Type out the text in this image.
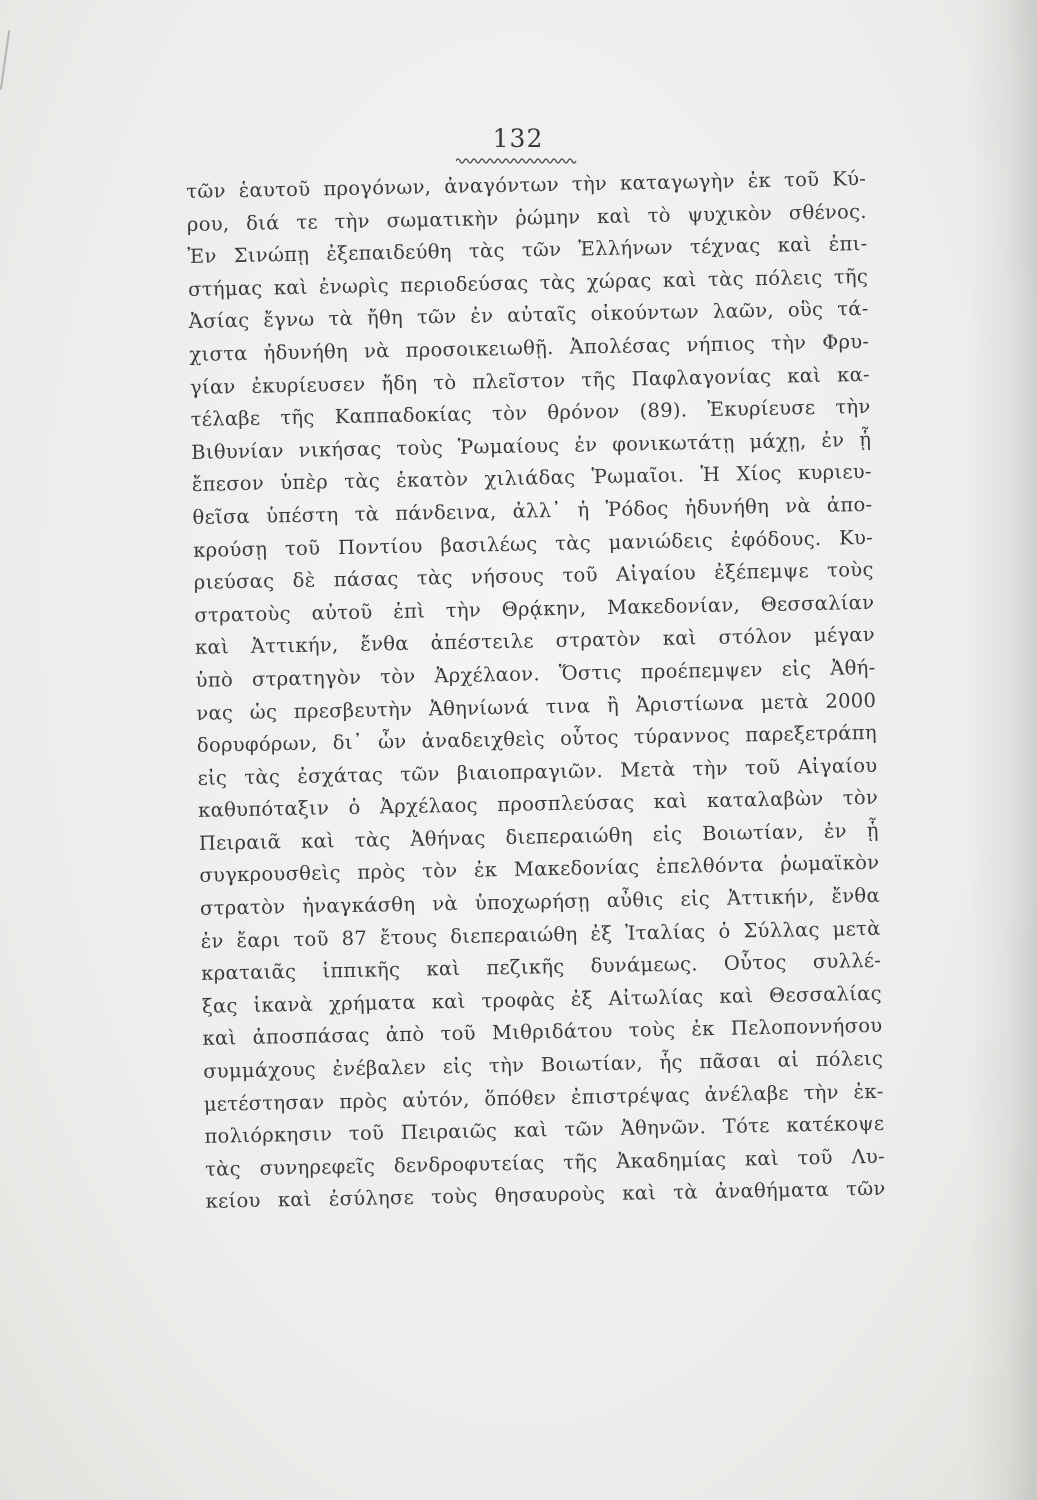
132
τῶν ἑαυτοῦ προγόνων, ἀναγόντων τὴν καταγωγὴν ἐκ τοῦ Κύ-
ρου, διά τε τὴν σωματικὴν ῥώμην καὶ τὸ ψυχικὸν σθένος.
Ἐν Σινώπῃ ἐξεπαιδεύθη τὰς τῶν Ἑλλήνων τέχνας καὶ ἐπι-
στήμας καὶ ἐνωρὶς περιοδεύσας τὰς χώρας καὶ τὰς πόλεις τῆς
Ἀσίας ἔγνω τὰ ἤθη τῶν ἐν αὐταῖς οἰκούντων λαῶν, οὓς τά-
χιστα ἠδυνήθη νὰ προσοικειωθῇ. Ἀπολέσας νήπιος τὴν Φρυ-
γίαν ἐκυρίευσεν ἤδη τὸ πλεῖστον τῆς Παφλαγονίας καὶ κα-
τέλαβε τῆς Καππαδοκίας τὸν θρόνον (89). Ἐκυρίευσε τὴν
Βιθυνίαν νικήσας τοὺς Ῥωμαίους ἐν φονικωτάτῃ μάχῃ, ἐν ᾗ
ἔπεσον ὑπὲρ τὰς ἑκατὸν χιλιάδας Ῥωμαῖοι. Ἡ Χίος κυριευ-
θεῖσα ὑπέστη τὰ πάνδεινα, ἀλλ᾽ ἡ Ῥόδος ἠδυνήθη νὰ ἀπο-
κρούσῃ τοῦ Ποντίου βασιλέως τὰς μανιώδεις ἐφόδους. Κυ-
ριεύσας δὲ πάσας τὰς νήσους τοῦ Αἰγαίου ἐξέπεμψε τοὺς
στρατοὺς αὐτοῦ ἐπὶ τὴν Θρᾴκην, Μακεδονίαν, Θεσσαλίαν
καὶ Ἀττικήν, ἔνθα ἀπέστειλε στρατὸν καὶ στόλον μέγαν
ὑπὸ στρατηγὸν τὸν Ἀρχέλαον. Ὅστις προέπεμψεν εἰς Ἀθή-
νας ὡς πρεσβευτὴν Ἀθηνίωνά τινα ἢ Ἀριστίωνα μετὰ 2000
δορυφόρων, δι᾽ ὧν ἀναδειχθεὶς οὗτος τύραννος παρεξετράπη
εἰς τὰς ἐσχάτας τῶν βιαιοπραγιῶν. Μετὰ τὴν τοῦ Αἰγαίου
καθυπόταξιν ὁ Ἀρχέλαος προσπλεύσας καὶ καταλαβὼν τὸν
Πειραιᾶ καὶ τὰς Ἀθήνας διεπεραιώθη εἰς Βοιωτίαν, ἐν ᾗ
συγκρουσθεὶς πρὸς τὸν ἐκ Μακεδονίας ἐπελθόντα ῥωμαϊκὸν
στρατὸν ἠναγκάσθη νὰ ὑποχωρήσῃ αὖθις εἰς Ἀττικήν, ἔνθα
ἐν ἔαρι τοῦ 87 ἔτους διεπεραιώθη ἐξ Ἰταλίας ὁ Σύλλας μετὰ
κραταιᾶς ἱππικῆς καὶ πεζικῆς δυνάμεως. Οὗτος συλλέ-
ξας ἱκανὰ χρήματα καὶ τροφὰς ἐξ Αἰτωλίας καὶ Θεσσαλίας
καὶ ἀποσπάσας ἀπὸ τοῦ Μιθριδάτου τοὺς ἐκ Πελοποννήσου
συμμάχους ἐνέβαλεν εἰς τὴν Βοιωτίαν, ἧς πᾶσαι αἱ πόλεις
μετέστησαν πρὸς αὐτόν, ὅπόθεν ἐπιστρέψας ἀνέλαβε τὴν ἐκ-
πολιόρκησιν τοῦ Πειραιῶς καὶ τῶν Ἀθηνῶν. Τότε κατέκοψε
τὰς συνηρεφεῖς δενδροφυτείας τῆς Ἀκαδημίας καὶ τοῦ Λυ-
κείου καὶ ἐσύλησε τοὺς θησαυροὺς καὶ τὰ ἀναθήματα τῶν
